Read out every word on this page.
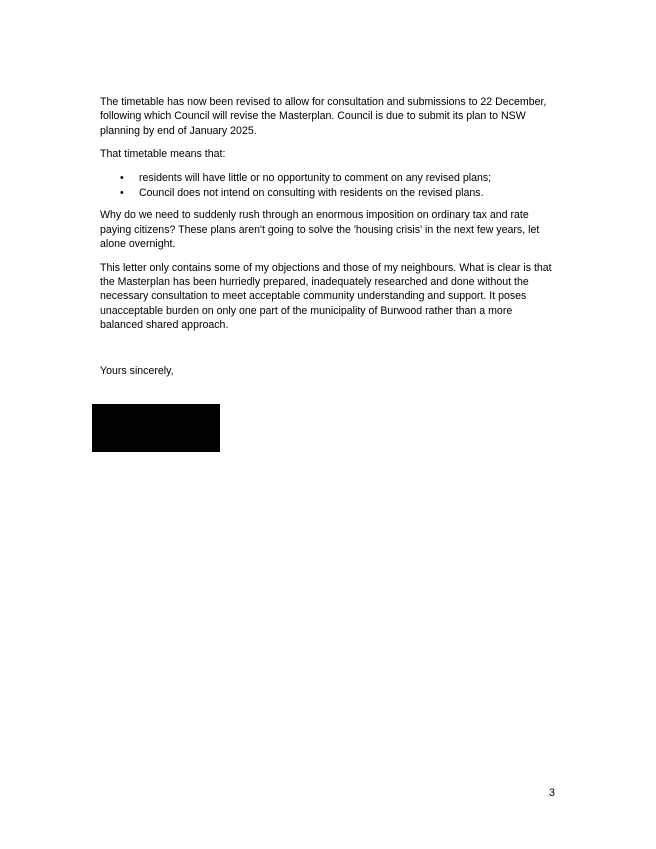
The timetable has now been revised to allow for consultation and submissions to 22 December, following which Council will revise the Masterplan. Council is due to submit its plan to NSW planning by end of January 2025.

That timetable means that:

• residents will have little or no opportunity to comment on any revised plans;
• Council does not intend on consulting with residents on the revised plans.

Why do we need to suddenly rush through an enormous imposition on ordinary tax and rate paying citizens? These plans aren't going to solve the 'housing crisis' in the next few years, let alone overnight.

This letter only contains some of my objections and those of my neighbours. What is clear is that the Masterplan has been hurriedly prepared, inadequately researched and done without the necessary consultation to meet acceptable community understanding and support. It poses unacceptable burden on only one part of the municipality of Burwood rather than a more balanced shared approach.

Yours sincerely,
3
